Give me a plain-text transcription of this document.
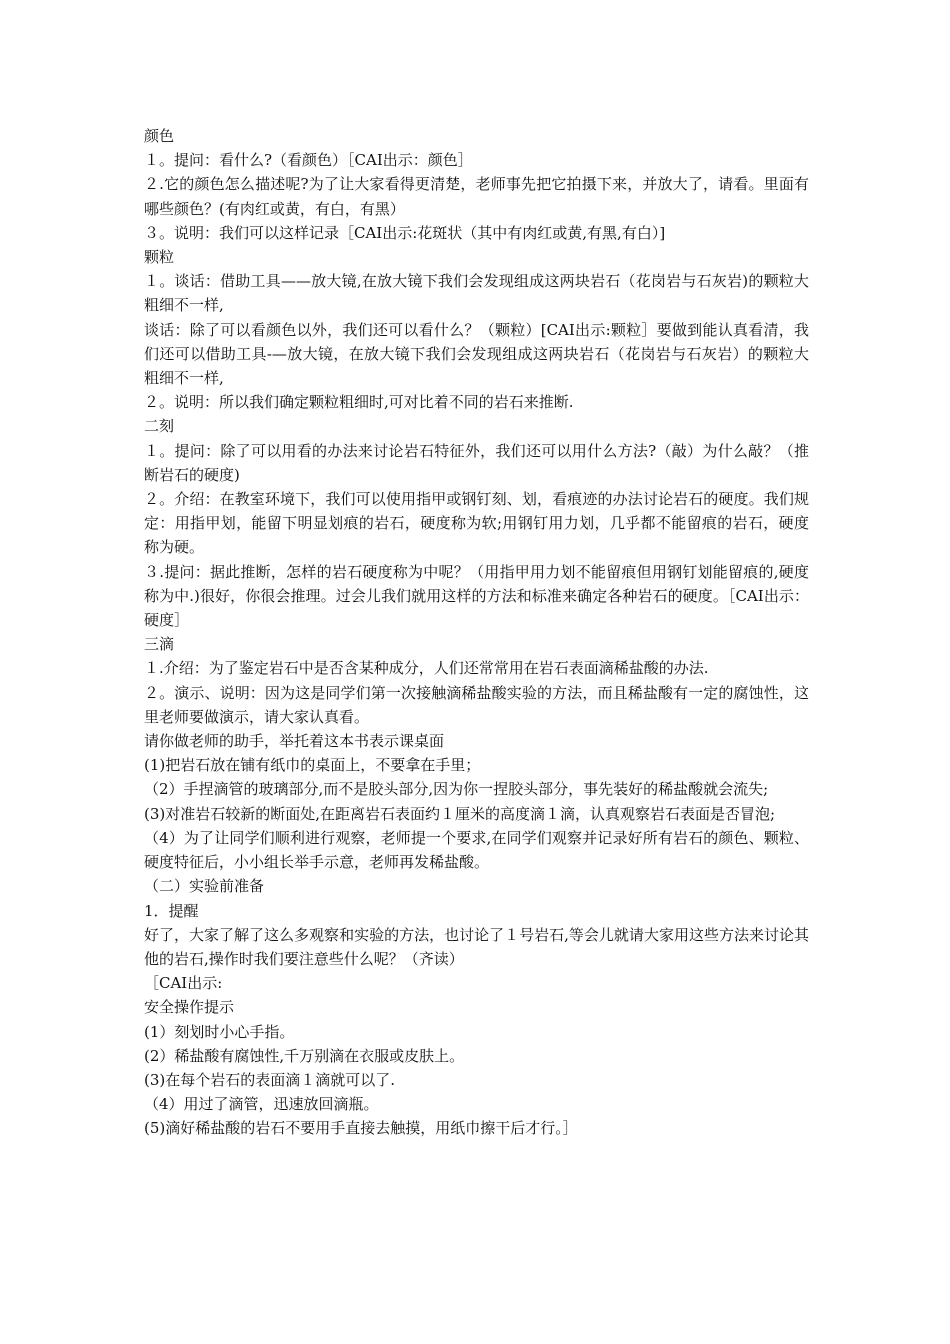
颜色

１。提问：看什么?（看颜色）［CAI出示：颜色］

２.它的颜色怎么描述呢?为了让大家看得更清楚，老师事先把它拍摄下来，并放大了，请看。里面有哪些颜色？(有肉红或黄，有白，有黑）

３。说明：我们可以这样记录［CAI出示:花斑状（其中有肉红或黄,有黑,有白）]

颗粒

１。谈话：借助工具——放大镜,在放大镜下我们会发现组成这两块岩石（花岗岩与石灰岩)的颗粒大粗细不一样,

谈话：除了可以看颜色以外，我们还可以看什么？（颗粒）[CAI出示:颗粒］要做到能认真看清，我们还可以借助工具-—放大镜，在放大镜下我们会发现组成这两块岩石（花岗岩与石灰岩）的颗粒大粗细不一样,

２。说明：所以我们确定颗粒粗细时,可对比着不同的岩石来推断.

二刻

１。提问：除了可以用看的办法来讨论岩石特征外，我们还可以用什么方法?（敲）为什么敲？（推断岩石的硬度)

２。介绍：在教室环境下，我们可以使用指甲或钢钉刻、划，看痕迹的办法讨论岩石的硬度。我们规定：用指甲划，能留下明显划痕的岩石，硬度称为软;用钢钉用力划，几乎都不能留痕的岩石，硬度称为硬。

３.提问：据此推断，怎样的岩石硬度称为中呢？（用指甲用力划不能留痕但用钢钉划能留痕的,硬度称为中.)很好，你很会推理。过会儿我们就用这样的方法和标准来确定各种岩石的硬度。［CAI出示：硬度］

三滴

１.介绍：为了鉴定岩石中是否含某种成分，人们还常常用在岩石表面滴稀盐酸的办法.

２。演示、说明：因为这是同学们第一次接触滴稀盐酸实验的方法，而且稀盐酸有一定的腐蚀性，这里老师要做演示，请大家认真看。

请你做老师的助手，举托着这本书表示课桌面

(1)把岩石放在铺有纸巾的桌面上，不要拿在手里；

（2）手捏滴管的玻璃部分,而不是胶头部分,因为你一捏胶头部分，事先装好的稀盐酸就会流失;

(3)对准岩石较新的断面处,在距离岩石表面约１厘米的高度滴１滴，认真观察岩石表面是否冒泡;

（4）为了让同学们顺利进行观察，老师提一个要求,在同学们观察并记录好所有岩石的颜色、颗粒、硬度特征后，小小组长举手示意，老师再发稀盐酸。

（二）实验前准备

1．提醒

好了，大家了解了这么多观察和实验的方法，也讨论了１号岩石,等会儿就请大家用这些方法来讨论其他的岩石,操作时我们要注意些什么呢？（齐读）

［CAI出示:

安全操作提示

(1）刻划时小心手指。

(2）稀盐酸有腐蚀性,千万别滴在衣服或皮肤上。

(3)在每个岩石的表面滴１滴就可以了.

（4）用过了滴管，迅速放回滴瓶。

(5)滴好稀盐酸的岩石不要用手直接去触摸，用纸巾擦干后才行。］
